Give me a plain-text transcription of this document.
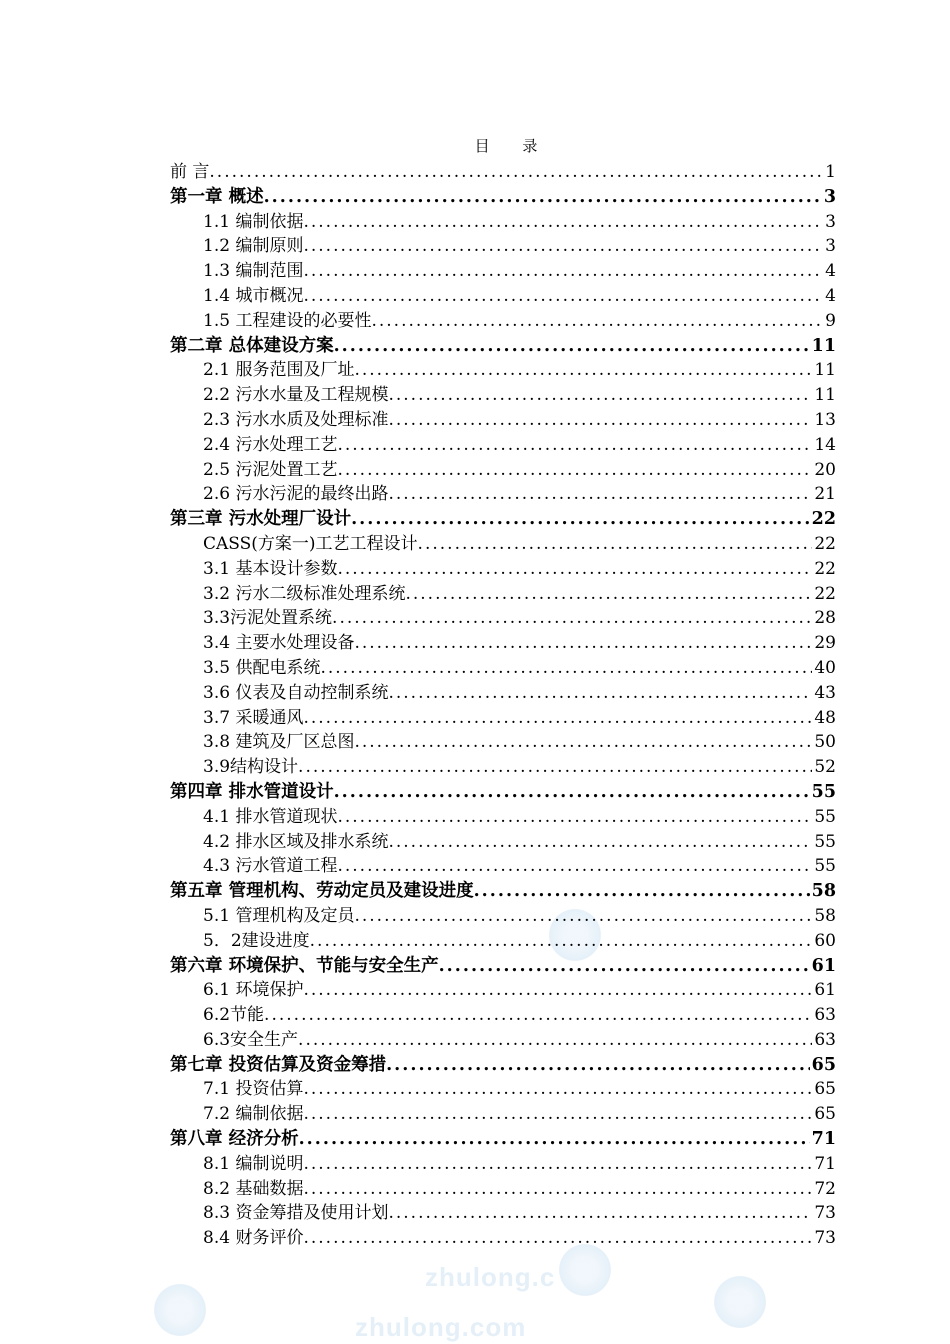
zhulong.c
zhulong.com
目 录
前 言 .....	1
第一章 概述 .....	3
1.1 编制依据 .....	3
1.2 编制原则 .....	3
1.3 编制范围 .....	4
1.4 城市概况 .....	4
1.5 工程建设的必要性 .....	9
第二章 总体建设方案 .....	11
2.1 服务范围及厂址 .....	11
2.2 污水水量及工程规模 .....	11
2.3 污水水质及处理标准 .....	13
2.4 污水处理工艺 .....	14
2.5 污泥处置工艺 .....	20
2.6 污水污泥的最终出路 .....	21
第三章 污水处理厂设计 .....	22
CASS(方案一)工艺工程设计 .....	22
3.1 基本设计参数 .....	22
3.2 污水二级标准处理系统 .....	22
3.3污泥处置系统 .....	28
3.4 主要水处理设备 .....	29
3.5 供配电系统 .....	40
3.6 仪表及自动控制系统 .....	43
3.7 采暖通风 .....	48
3.8 建筑及厂区总图 .....	50
3.9结构设计 .....	52
第四章 排水管道设计 .....	55
4.1 排水管道现状 .....	55
4.2 排水区域及排水系统 .....	55
4.3 污水管道工程 .....	55
第五章 管理机构、劳动定员及建设进度 .....	58
5.1 管理机构及定员 .....	58
5．2建设进度 .....	60
第六章 环境保护、节能与安全生产 .....	61
6.1 环境保护 .....	61
6.2节能 .....	63
6.3安全生产 .....	63
第七章 投资估算及资金筹措 .....	65
7.1 投资估算 .....	65
7.2 编制依据 .....	65
第八章 经济分析 .....	71
8.1 编制说明 .....	71
8.2 基础数据 .....	72
8.3 资金筹措及使用计划 .....	73
8.4 财务评价 .....	73
